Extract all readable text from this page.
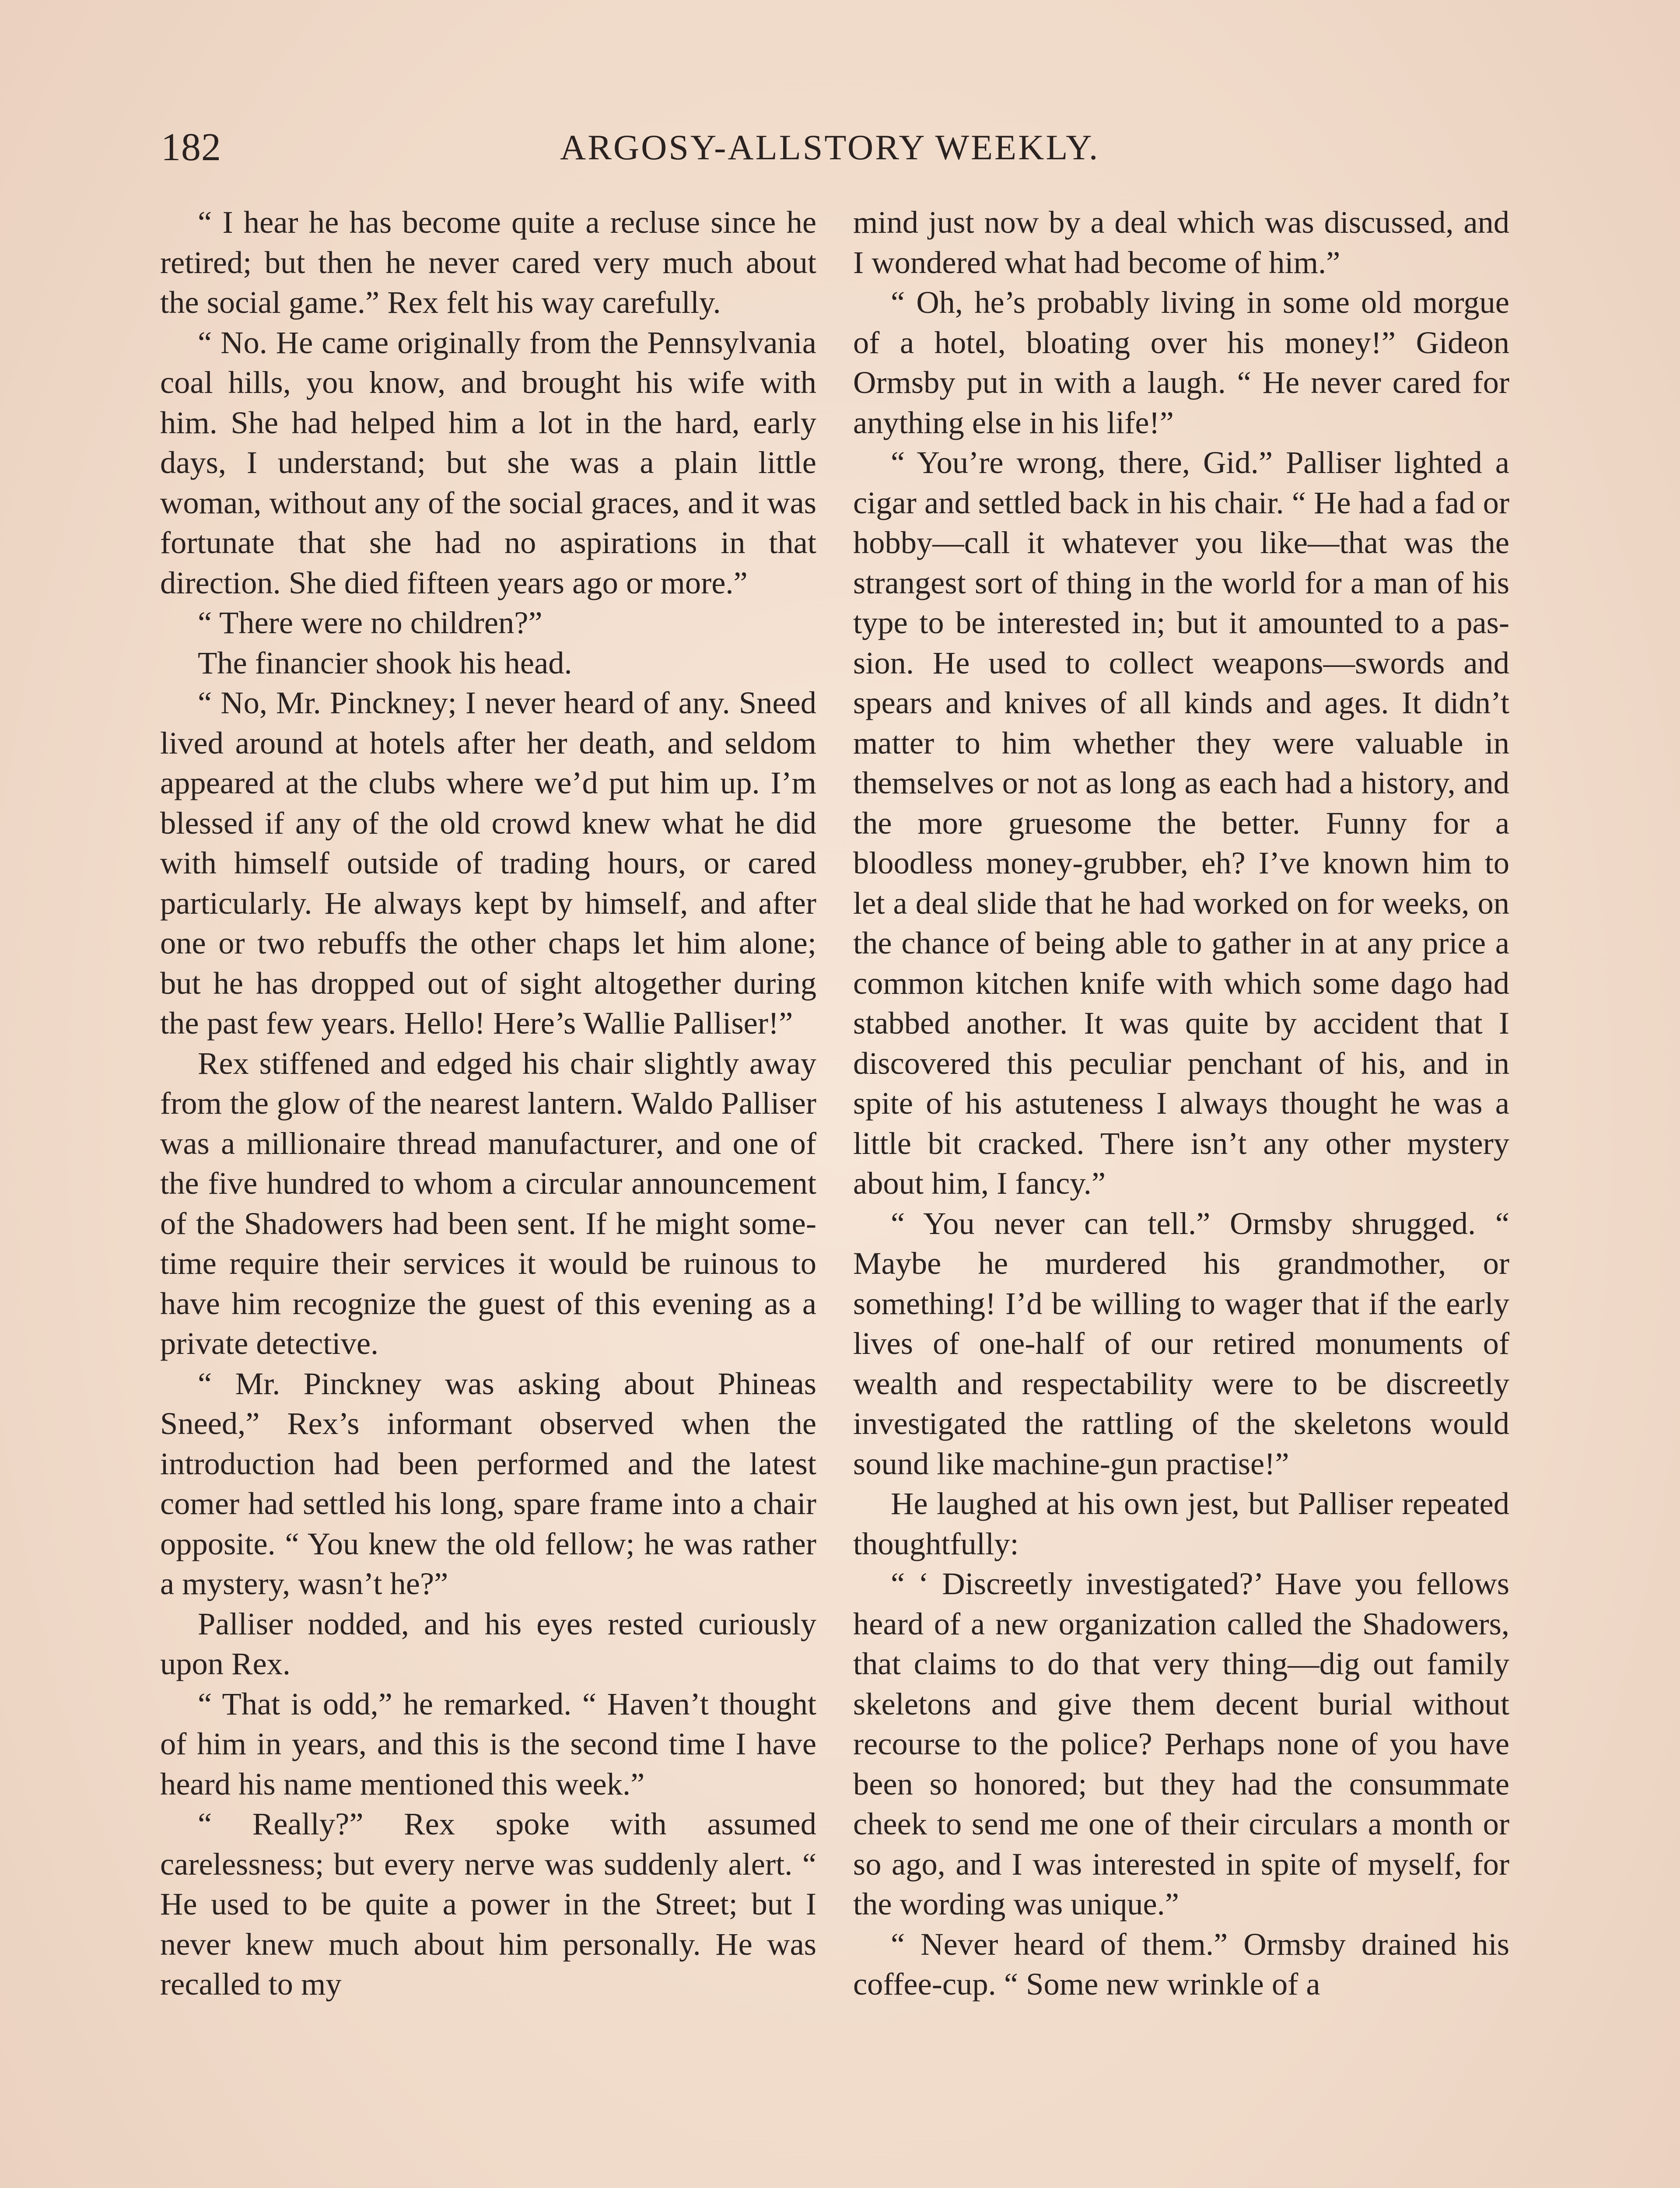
182	ARGOSY-ALLSTORY WEEKLY.

“ I hear he has become quite a recluse since he retired; but then he never cared very much about the social game.” Rex felt his way carefully.

“ No. He came originally from the Pennsylvania coal hills, you know, and brought his wife with him. She had helped him a lot in the hard, early days, I understand; but she was a plain little woman, without any of the social graces, and it was fortunate that she had no aspirations in that direction. She died fifteen years ago or more.”

“ There were no children?”

The financier shook his head.

“ No, Mr. Pinckney; I never heard of any. Sneed lived around at hotels after her death, and seldom appeared at the clubs where we’d put him up. I’m blessed if any of the old crowd knew what he did with himself outside of trading hours, or cared particularly. He always kept by himself, and after one or two rebuffs the other chaps let him alone; but he has dropped out of sight altogether during the past few years. Hello! Here’s Wallie Palliser!”

Rex stiffened and edged his chair slightly away from the glow of the nearest lantern. Waldo Palliser was a millionaire thread manufacturer, and one of the five hundred to whom a circular announcement of the Shadowers had been sent. If he might sometime require their services it would be ruinous to have him recognize the guest of this evening as a private detective.

“ Mr. Pinckney was asking about Phineas Sneed,” Rex’s informant observed when the introduction had been performed and the latest comer had settled his long, spare frame into a chair opposite. “ You knew the old fellow; he was rather a mystery, wasn’t he?”

Palliser nodded, and his eyes rested curiously upon Rex.

“ That is odd,” he remarked. “ Haven’t thought of him in years, and this is the second time I have heard his name mentioned this week.”

“ Really?” Rex spoke with assumed carelessness; but every nerve was suddenly alert. “ He used to be quite a power in the Street; but I never knew much about him personally. He was recalled to my

mind just now by a deal which was discussed, and I wondered what had become of him.”

“ Oh, he’s probably living in some old morgue of a hotel, bloating over his money!” Gideon Ormsby put in with a laugh. “ He never cared for anything else in his life!”

“ You’re wrong, there, Gid.” Palliser lighted a cigar and settled back in his chair. “ He had a fad or hobby—call it whatever you like—that was the strangest sort of thing in the world for a man of his type to be interested in; but it amounted to a passion. He used to collect weapons—swords and spears and knives of all kinds and ages. It didn’t matter to him whether they were valuable in themselves or not as long as each had a history, and the more gruesome the better. Funny for a bloodless money-grubber, eh? I’ve known him to let a deal slide that he had worked on for weeks, on the chance of being able to gather in at any price a common kitchen knife with which some dago had stabbed another. It was quite by accident that I discovered this peculiar penchant of his, and in spite of his astuteness I always thought he was a little bit cracked. There isn’t any other mystery about him, I fancy.”

“ You never can tell.” Ormsby shrugged. “ Maybe he murdered his grandmother, or something! I’d be willing to wager that if the early lives of one-half of our retired monuments of wealth and respectability were to be discreetly investigated the rattling of the skeletons would sound like machine-gun practise!”

He laughed at his own jest, but Palliser repeated thoughtfully:

“ ‘ Discreetly investigated?’ Have you fellows heard of a new organization called the Shadowers, that claims to do that very thing—dig out family skeletons and give them decent burial without recourse to the police? Perhaps none of you have been so honored; but they had the consummate cheek to send me one of their circulars a month or so ago, and I was interested in spite of myself, for the wording was unique.”

“ Never heard of them.” Ormsby drained his coffee-cup. “ Some new wrinkle of a
